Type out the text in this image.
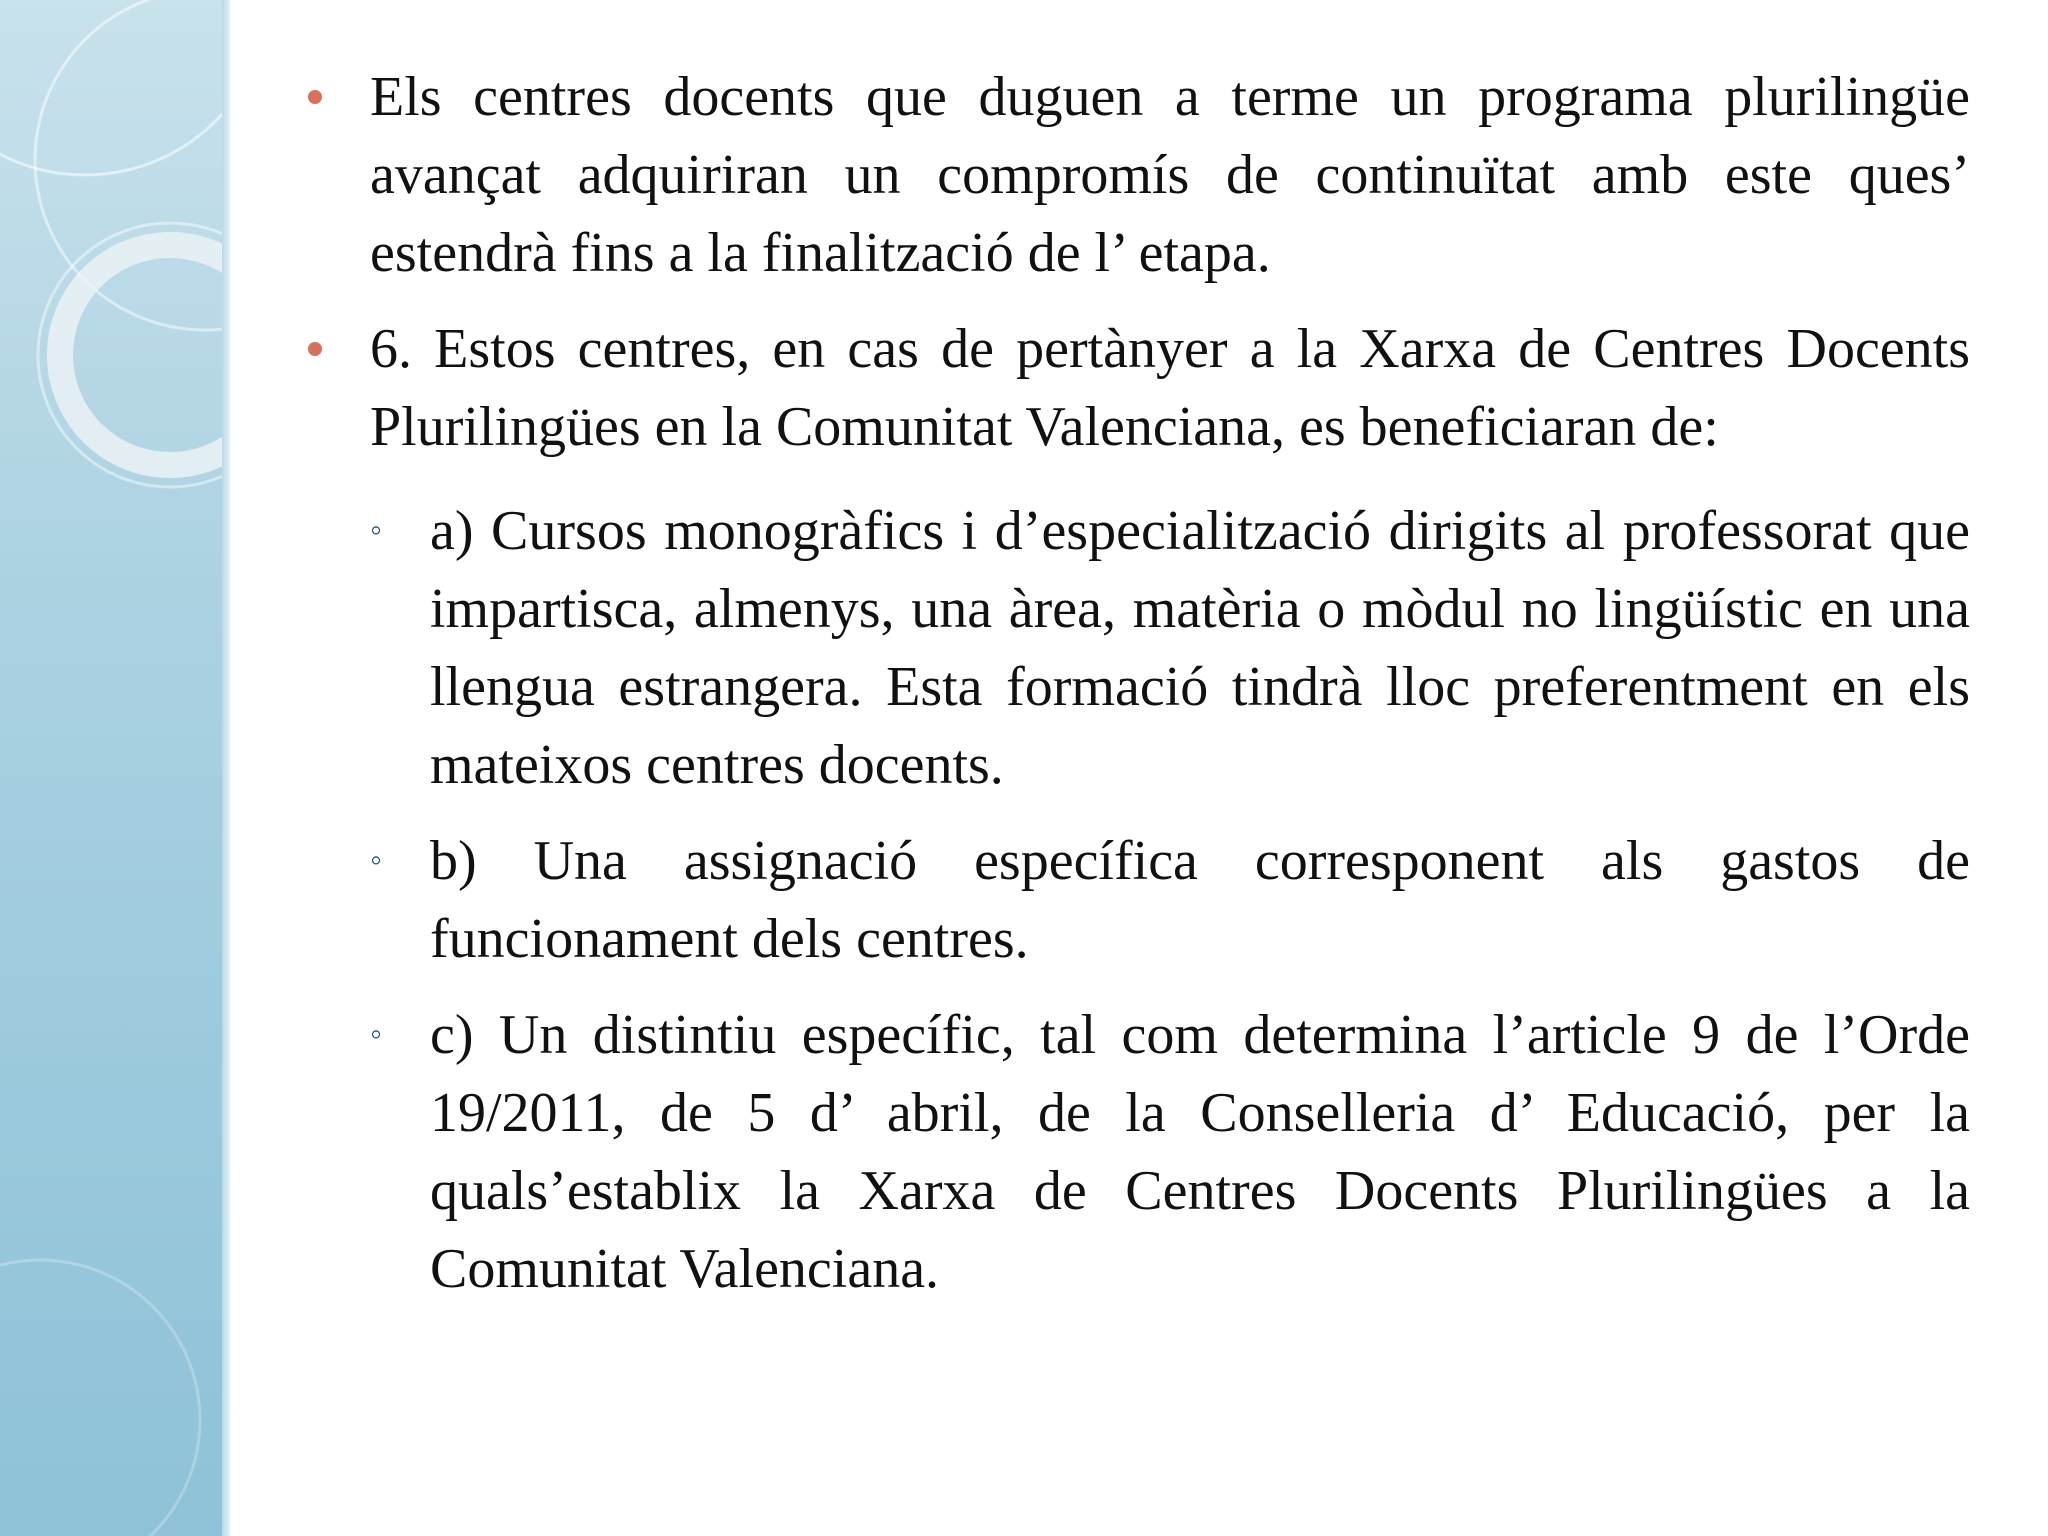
Els centres docents que duguen a terme un programa plurilingüe avançat adquiriran un compromís de continuïtat amb este ques’ estendrà fins a la finalització de l’ etapa.
6. Estos centres, en cas de pertànyer a la Xarxa de Centres Docents Plurilingües en la Comunitat Valenciana, es beneficiaran de:
◦ a) Cursos monogràfics i d’especialització dirigits al professorat que impartisca, almenys, una àrea, matèria o mòdul no lingüístic en una llengua estrangera. Esta formació tindrà lloc preferentment en els mateixos centres docents.
◦ b) Una assignació específica corresponent als gastos de funcionament dels centres.
◦ c) Un distintiu específic, tal com determina l’article 9 de l’Orde 19/2011, de 5 d’ abril, de la Conselleria d’ Educació, per la quals’establix la Xarxa de Centres Docents Plurilingües a la Comunitat Valenciana.
